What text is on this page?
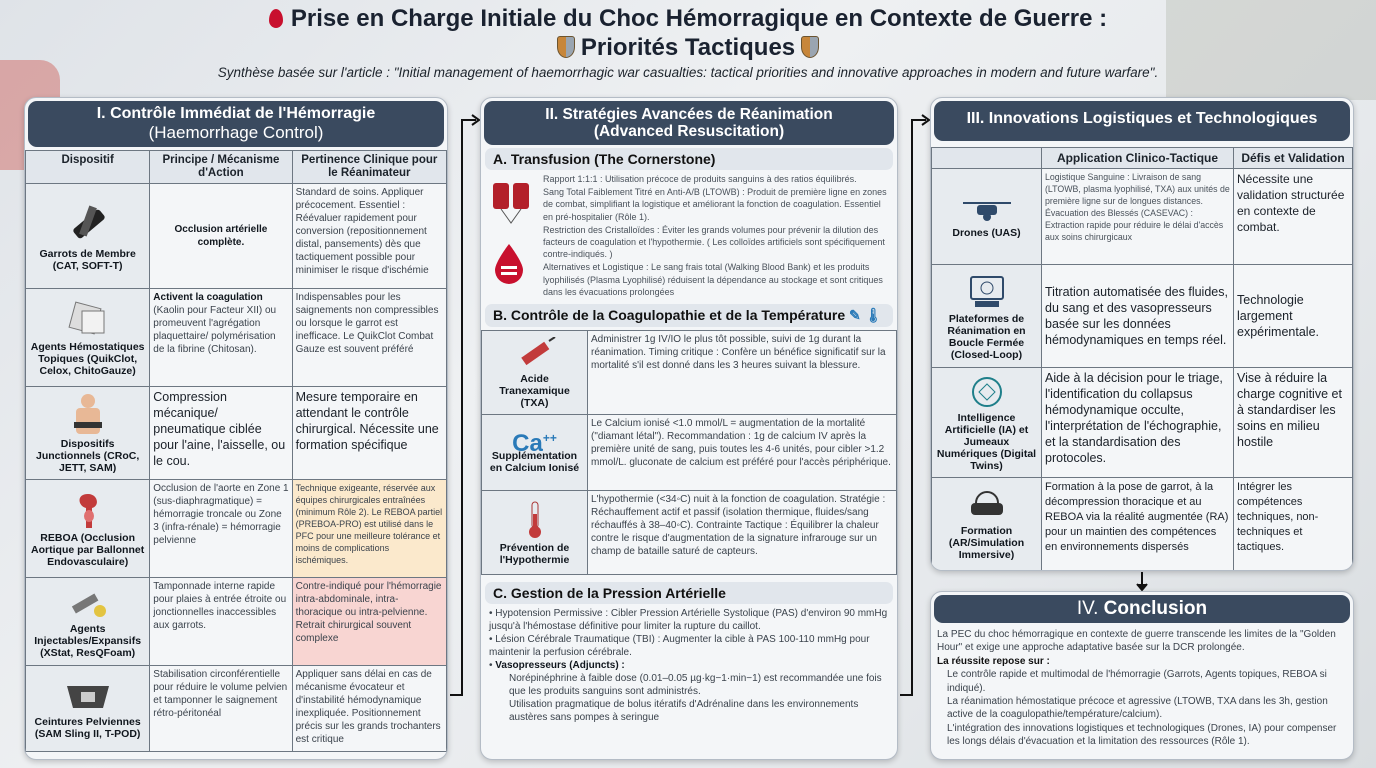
Prise en Charge Initiale du Choc Hémorragique en Contexte de Guerre :
Priorités Tactiques
Synthèse basée sur l'article : "Initial management of haemorrhagic war casualties: tactical priorities and innovative approaches in modern and future warfare".
I. Contrôle Immédiat de l'Hémorragie
(Haemorrhage Control)
Dispositif	Principe / Mécanisme d'Action	Pertinence Clinique pour le Réanimateur

Garrots de Membre (CAT, SOFT-T)	Occlusion artérielle complète.	Standard de soins. Appliquer précocement. Essentiel : Réévaluer rapidement pour conversion (repositionnement distal, pansements) dès que tactiquement possible pour minimiser le risque d'ischémie

Agents Hémostatiques Topiques (QuikClot, Celox, ChitoGauze)	Activent la coagulation (Kaolin pour Facteur XII) ou promeuvent l'agrégation plaquettaire/ polymérisation de la fibrine (Chitosan).	Indispensables pour les saignements non compressibles ou lorsque le garrot est inefficace. Le QuikClot Combat Gauze est souvent préféré

Dispositifs Junctionnels (CRoC, JETT, SAM)	Compression mécanique/ pneumatique ciblée pour l'aine, l'aisselle, ou le cou.	Mesure temporaire en attendant le contrôle chirurgical. Nécessite une formation spécifique

REBOA (Occlusion Aortique par Ballonnet Endovasculaire)	Occlusion de l'aorte en Zone 1 (sus-diaphragmatique) = hémorragie troncale ou Zone 3 (infra-rénale) = hémorragie pelvienne	Technique exigeante, réservée aux équipes chirurgicales entraînées (minimum Rôle 2). Le REBOA partiel (PREBOA-PRO) est utilisé dans le PFC pour une meilleure tolérance et moins de complications ischémiques.

Agents Injectables/Expansifs (XStat, ResQFoam)	Tamponnade interne rapide pour plaies à entrée étroite ou jonctionnelles inaccessibles aux garrots.	Contre-indiqué pour l'hémorragie intra-abdominale, intra-thoracique ou intra-pelvienne. Retrait chirurgical souvent complexe

Ceintures Pelviennes (SAM Sling II, T-POD)	Stabilisation circonférentielle pour réduire le volume pelvien et tamponner le saignement rétro-péritonéal	Appliquer sans délai en cas de mécanisme évocateur et d'instabilité hémodynamique inexpliquée. Positionnement précis sur les grands trochanters est critique
II. Stratégies Avancées de Réanimation
(Advanced Resuscitation)
A. Transfusion (The Cornerstone)

Rapport 1:1:1 : Utilisation précoce de produits sanguins à des ratios équilibrés.
Sang Total Faiblement Titré en Anti-A/B (LTOWB) : Produit de première ligne en zones de combat, simplifiant la logistique et améliorant la fonction de coagulation. Essentiel en pré-hospitalier (Rôle 1).
Restriction des Cristalloïdes : Éviter les grands volumes pour prévenir la dilution des facteurs de coagulation et l'hypothermie. ( Les colloïdes artificiels sont spécifiquement contre-indiqués. )
Alternatives et Logistique : Le sang frais total (Walking Blood Bank) et les produits lyophilisés (Plasma Lyophilisé) réduisent la dépendance au stockage et sont critiques dans les évacuations prolongées
B. Contrôle de la Coagulopathie et de la Température ✎ 🌡
Acide Tranexamique (TXA)	Administrer 1g IV/IO le plus tôt possible, suivi de 1g durant la réanimation. Timing critique : Confère un bénéfice significatif sur la mortalité s'il est donné dans les 3 heures suivant la blessure.

Ca++
Supplémentation en Calcium Ionisé	Le Calcium ionisé <1.0 mmol/L = augmentation de la mortalité ("diamant létal"). Recommandation : 1g de calcium IV après la première unité de sang, puis toutes les 4-6 unités, pour cibler >1.2 mmol/L. gluconate de calcium est préféré pour l'accès périphérique.

Prévention de l'Hypothermie	L'hypothermie (<34◦C) nuit à la fonction de coagulation. Stratégie : Réchauffement actif et passif (isolation thermique, fluides/sang réchauffés à 38–40◦C). Contrainte Tactique : Équilibrer la chaleur contre le risque d'augmentation de la signature infrarouge sur un champ de bataille saturé de capteurs.
C. Gestion de la Pression Artérielle
• Hypotension Permissive : Cibler Pression Artérielle Systolique (PAS) d'environ 90 mmHg jusqu'à l'hémostase définitive pour limiter la rupture du caillot.
• Lésion Cérébrale Traumatique (TBI) : Augmenter la cible à PAS 100-110 mmHg pour maintenir la perfusion cérébrale.
• Vasopresseurs (Adjuncts) :
Norépinéphrine à faible dose (0.01–0.05 µg·kg−1·min−1) est recommandée une fois que les produits sanguins sont administrés.
Utilisation pragmatique de bolus itératifs d'Adrénaline dans les environnements austères sans pompes à seringue
III. Innovations Logistiques et Technologiques
	Application Clinico-Tactique	Défis et Validation

Drones (UAS)	Logistique Sanguine : Livraison de sang (LTOWB, plasma lyophilisé, TXA) aux unités de première ligne sur de longues distances. Évacuation des Blessés (CASEVAC) : Extraction rapide pour réduire le délai d'accès aux soins chirurgicaux	Nécessite une validation structurée en contexte de combat.

Plateformes de Réanimation en Boucle Fermée (Closed-Loop)	Titration automatisée des fluides, du sang et des vasopresseurs basée sur les données hémodynamiques en temps réel.	Technologie largement expérimentale.

Intelligence Artificielle (IA) et Jumeaux Numériques (Digital Twins)	Aide à la décision pour le triage, l'identification du collapsus hémodynamique occulte, l'interprétation de l'échographie, et la standardisation des protocoles.	Vise à réduire la charge cognitive et à standardiser les soins en milieu hostile

Formation (AR/Simulation Immersive)	Formation à la pose de garrot, à la décompression thoracique et au REBOA via la réalité augmentée (RA) pour un maintien des compétences en environnements dispersés	Intégrer les compétences techniques, non-techniques et tactiques.
IV. Conclusion
La PEC du choc hémorragique en contexte de guerre transcende les limites de la "Golden Hour" et exige une approche adaptative basée sur la DCR prolongée.
La réussite repose sur :
Le contrôle rapide et multimodal de l'hémorragie (Garrots, Agents topiques, REBOA si indiqué).
La réanimation hémostatique précoce et agressive (LTOWB, TXA dans les 3h, gestion active de la coagulopathie/température/calcium).
L'intégration des innovations logistiques et technologiques (Drones, IA) pour compenser les longs délais d'évacuation et la limitation des ressources (Rôle 1).
